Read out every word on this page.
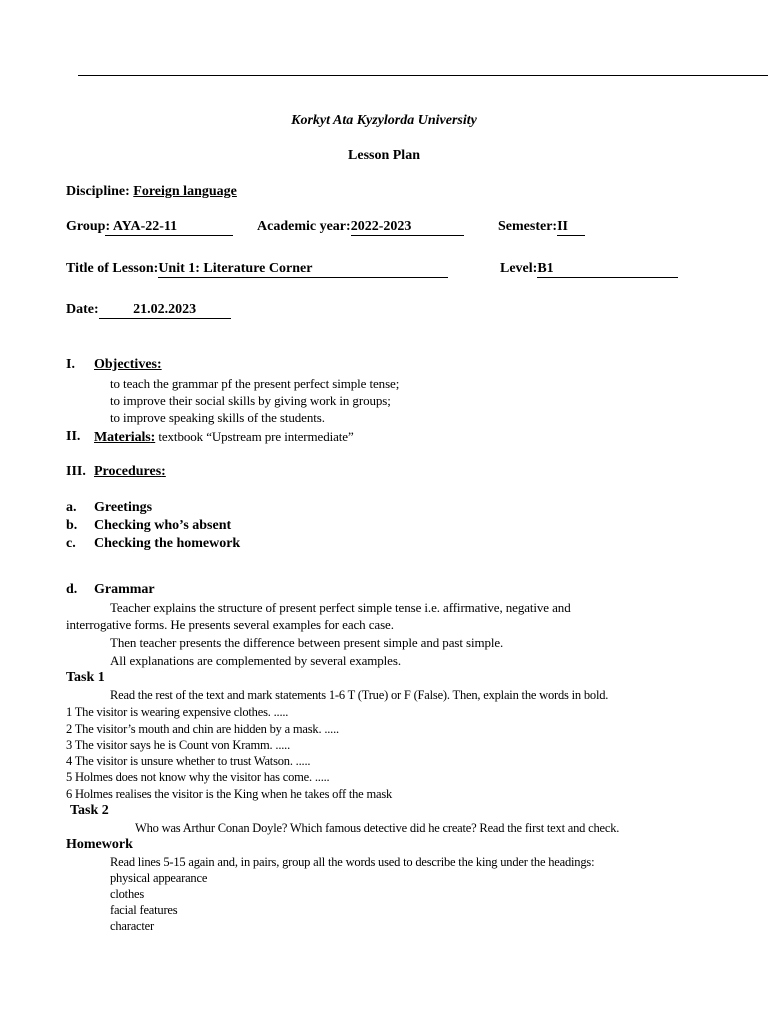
Korkyt Ata Kyzylorda University
Lesson Plan
Discipline: Foreign language
Group: AYA-22-11	Academic year:2022-2023	Semester:II
Title of Lesson:Unit 1: Literature Corner	Level:B1
Date: 21.02.2023
I. Objectives:
to teach the grammar pf the present perfect simple tense;
to improve their social skills by giving work in groups;
to improve speaking skills of the students.
II. Materials: textbook “Upstream pre intermediate”
III. Procedures:
a. Greetings
b. Checking who’s absent
c. Checking the homework
d. Grammar
Teacher explains the structure of present perfect simple tense i.e. affirmative, negative and
interrogative forms. He presents several examples for each case.
Then teacher presents the difference between present simple and past simple.
All explanations are complemented by several examples.
Task 1
Read the rest of the text and mark statements 1-6 T (True) or F (False). Then, explain the words in bold.
1 The visitor is wearing expensive clothes. .....
2 The visitor’s mouth and chin are hidden by a mask. .....
3 The visitor says he is Count von Kramm. .....
4 The visitor is unsure whether to trust Watson. .....
5 Holmes does not know why the visitor has come. .....
6 Holmes realises the visitor is the King when he takes off the mask
Task 2
Who was Arthur Conan Doyle? Which famous detective did he create? Read the first text and check.
Homework
Read lines 5-15 again and, in pairs, group all the words used to describe the king under the headings:
physical appearance
clothes
facial features
character
